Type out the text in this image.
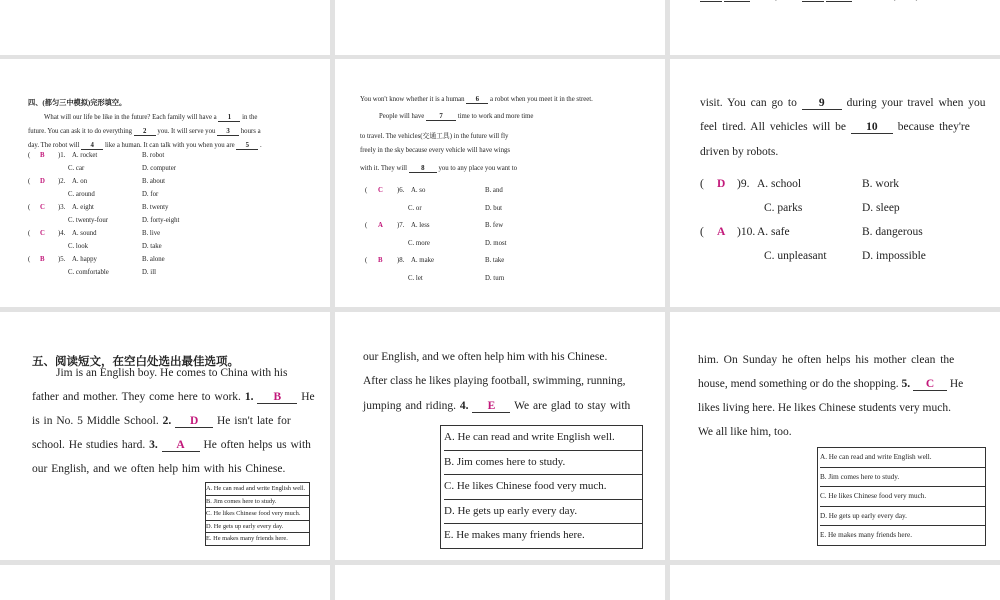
四、(都匀三中模拟)完形填空。
What will our life be like in the future? Each family will have a 1 in the
future. You can ask it to do everything 2 you. It will serve you 3 hours a
day. The robot will 4 like a human. It can talk with you when you are 5 .
( B )1. A. rocket	B. robot
C. car	D. computer
( D )2. A. on	B. about
C. around	D. for
( C )3. A. eight	B. twenty
C. twenty-four	D. forty-eight
( C )4. A. sound	B. live
C. look	D. take
( B )5. A. happy	B. alone
C. comfortable	D. ill
You won't know whether it is a human 6 a robot when you meet it in the street.
People will have 7 time to work and more time
to travel. The vehicles(交通工具) in the future will fly
freely in the sky because every vehicle will have wings
with it. They will 8 you to any place you want to
( C )6. A. so	B. and
C. or	D. but
( A )7. A. less	B. few
C. more	D. most
( B )8. A. make	B. take
C. let	D. turn
visit. You can go to 9 during your travel when you
feel tired. All vehicles will be 10 because they're
driven by robots.
( D )9. A. school	B. work
C. parks	D. sleep
( A )10. A. safe	B. dangerous
C. unpleasant	D. impossible
五、阅读短文，在空白处选出最佳选项。
Jim is an English boy. He comes to China with his
father and mother. They come here to work. 1. B He
is in No. 5 Middle School. 2. D He isn't late for
school. He studies hard. 3. A He often helps us with
our English, and we often help him with his Chinese.
A. He can read and write English well.
B. Jim comes here to study.
C. He likes Chinese food very much.
D. He gets up early every day.
E. He makes many friends here.
our English, and we often help him with his Chinese.
After class he likes playing football, swimming, running,
jumping and riding. 4. E We are glad to stay with
A. He can read and write English well.
B. Jim comes here to study.
C. He likes Chinese food very much.
D. He gets up early every day.
E. He makes many friends here.
him. On Sunday he often helps his mother clean the
house, mend something or do the shopping. 5. C He
likes living here. He likes Chinese students very much.
We all like him, too.
A. He can read and write English well.
B. Jim comes here to study.
C. He likes Chinese food very much.
D. He gets up early every day.
E. He makes many friends here.
